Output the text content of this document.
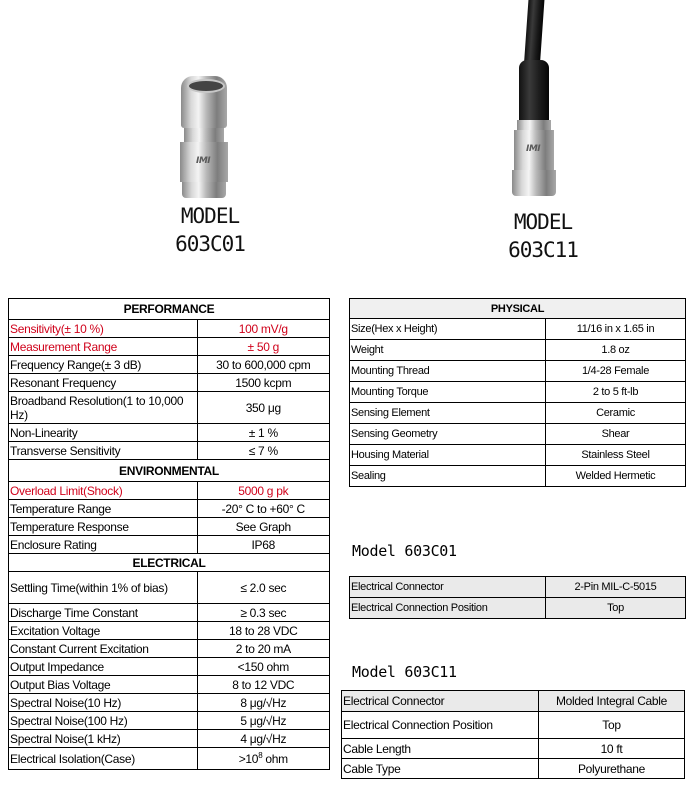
IMI
MODEL
603C01
IMI
MODEL
603C11
PERFORMANCE	
Sensitivity(± 10 %)	100 mV/g
Measurement Range	± 50 g
Frequency Range(± 3 dB)	30 to 600,000 cpm
Resonant Frequency	1500 kcpm
Broadband Resolution(1 to 10,000 Hz)	350 μg
Non-Linearity	± 1 %
Transverse Sensitivity	≤ 7 %
ENVIRONMENTAL	
Overload Limit(Shock)	5000 g pk
Temperature Range	-20° C to +60° C
Temperature Response	See Graph
Enclosure Rating	IP68
ELECTRICAL	
Settling Time(within 1% of bias)	≤ 2.0 sec
Discharge Time Constant	≥ 0.3 sec
Excitation Voltage	18 to 28 VDC
Constant Current Excitation	2 to 20 mA
Output Impedance	<150 ohm
Output Bias Voltage	8 to 12 VDC
Spectral Noise(10 Hz)	8 μg/√Hz
Spectral Noise(100 Hz)	5 μg/√Hz
Spectral Noise(1 kHz)	4 μg/√Hz
Electrical Isolation(Case)	$>10^8$ ohm
PHYSICAL	
Size(Hex x Height)	11/16 in x 1.65 in
Weight	1.8 oz
Mounting Thread	1/4-28 Female
Mounting Torque	2 to 5 ft-lb
Sensing Element	Ceramic
Sensing Geometry	Shear
Housing Material	Stainless Steel
Sealing	Welded Hermetic
Model 603C01
Electrical Connector	2-Pin MIL-C-5015
Electrical Connection Position	Top
Model 603C11
Electrical Connector	Molded Integral Cable
Electrical Connection Position	Top
Cable Length	10 ft
Cable Type	Polyurethane
